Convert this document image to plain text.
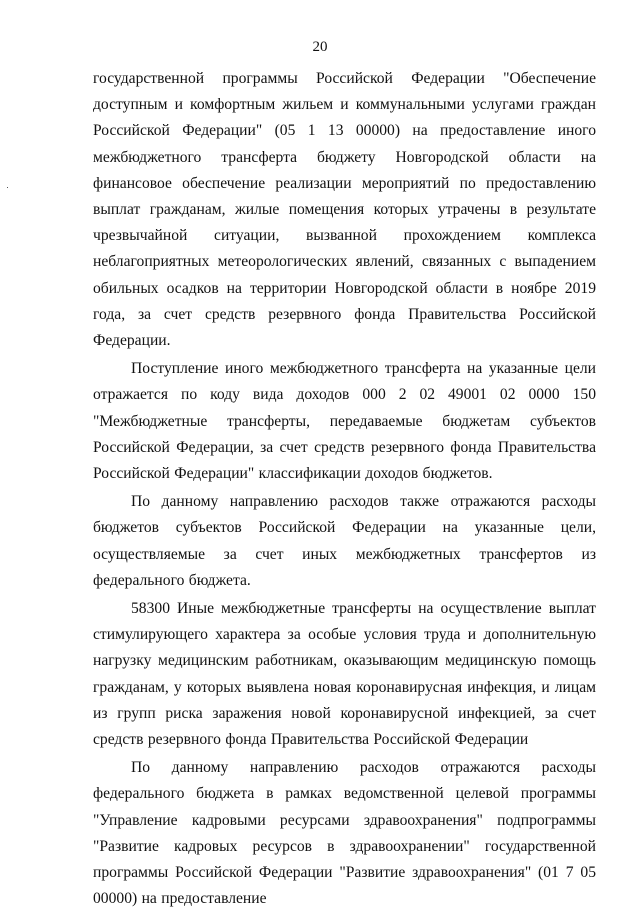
20

государственной программы Российской Федерации "Обеспечение доступным и комфортным жильем и коммунальными услугами граждан Российской Федерации" (05 1 13 00000) на предоставление иного межбюджетного трансферта бюджету Новгородской области на финансовое обеспечение реализации мероприятий по предоставлению выплат гражданам, жилые помещения которых утрачены в результате чрезвычайной ситуации, вызванной прохождением комплекса неблагоприятных метеорологических явлений, связанных с выпадением обильных осадков на территории Новгородской области в ноябре 2019 года, за счет средств резервного фонда Правительства Российской Федерации.

Поступление иного межбюджетного трансферта на указанные цели отражается по коду вида доходов 000 2 02 49001 02 0000 150 "Межбюджетные трансферты, передаваемые бюджетам субъектов Российской Федерации, за счет средств резервного фонда Правительства Российской Федерации" классификации доходов бюджетов.

По данному направлению расходов также отражаются расходы бюджетов субъектов Российской Федерации на указанные цели, осуществляемые за счет иных межбюджетных трансфертов из федерального бюджета.

58300 Иные межбюджетные трансферты на осуществление выплат стимулирующего характера за особые условия труда и дополнительную нагрузку медицинским работникам, оказывающим медицинскую помощь гражданам, у которых выявлена новая коронавирусная инфекция, и лицам из групп риска заражения новой коронавирусной инфекцией, за счет средств резервного фонда Правительства Российской Федерации

По данному направлению расходов отражаются расходы федерального бюджета в рамках ведомственной целевой программы "Управление кадровыми ресурсами здравоохранения" подпрограммы "Развитие кадровых ресурсов в здравоохранении" государственной программы Российской Федерации "Развитие здравоохранения" (01 7 05 00000) на предоставление
